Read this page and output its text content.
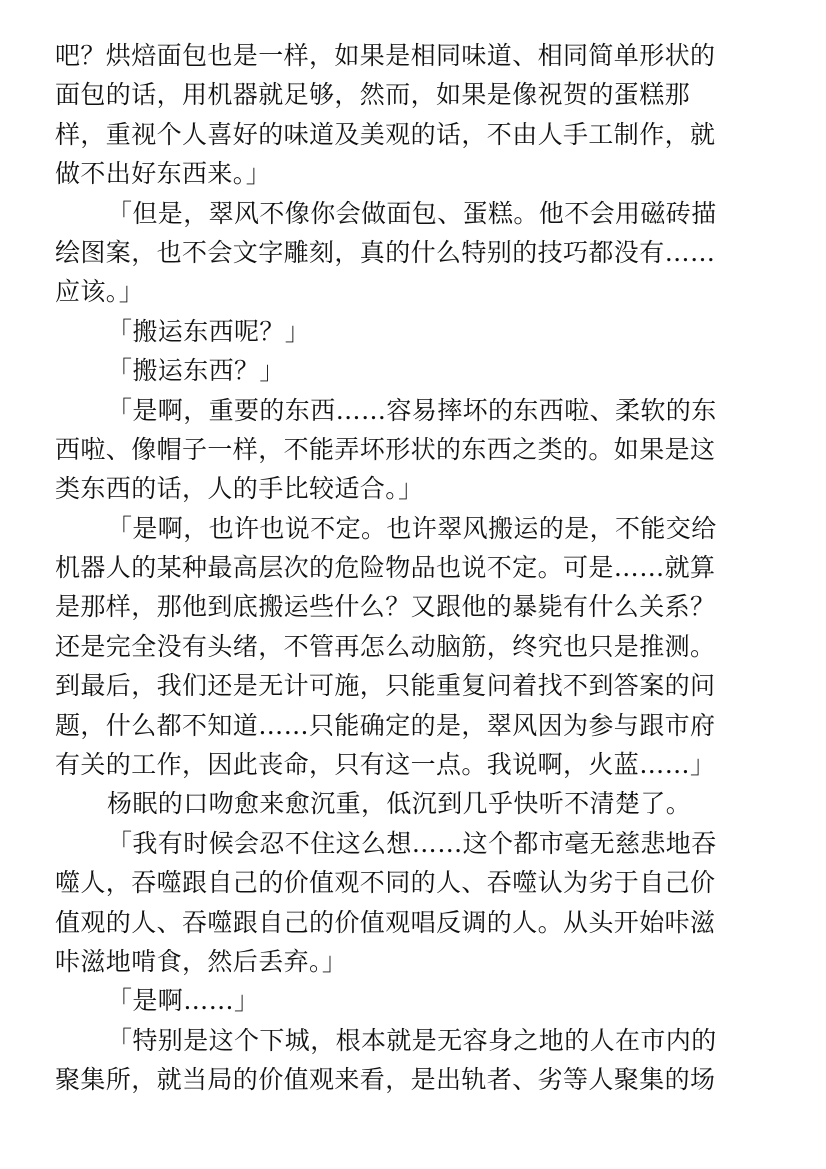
吧？烘焙面包也是一样，如果是相同味道、相同简单形状的
面包的话，用机器就足够，然而，如果是像祝贺的蛋糕那
样，重视个人喜好的味道及美观的话，不由人手工制作，就
做不出好东西来。」
「但是，翠风不像你会做面包、蛋糕。他不会用磁砖描
绘图案，也不会文字雕刻，真的什么特别的技巧都没有……
应该。」
「搬运东西呢？」
「搬运东西？」
「是啊，重要的东西……容易摔坏的东西啦、柔软的东
西啦、像帽子一样，不能弄坏形状的东西之类的。如果是这
类东西的话，人的手比较适合。」
「是啊，也许也说不定。也许翠风搬运的是，不能交给
机器人的某种最高层次的危险物品也说不定。可是……就算
是那样，那他到底搬运些什么？又跟他的暴毙有什么关系？
还是完全没有头绪，不管再怎么动脑筋，终究也只是推测。
到最后，我们还是无计可施，只能重复问着找不到答案的问
题，什么都不知道……只能确定的是，翠风因为参与跟市府
有关的工作，因此丧命，只有这一点。我说啊，火蓝……」
杨眠的口吻愈来愈沉重，低沉到几乎快听不清楚了。
「我有时候会忍不住这么想……这个都市毫无慈悲地吞
噬人，吞噬跟自己的价值观不同的人、吞噬认为劣于自己价
值观的人、吞噬跟自己的价值观唱反调的人。从头开始咔滋
咔滋地啃食，然后丢弃。」
「是啊……」
「特别是这个下城，根本就是无容身之地的人在市内的
聚集所，就当局的价值观来看，是出轨者、劣等人聚集的场
